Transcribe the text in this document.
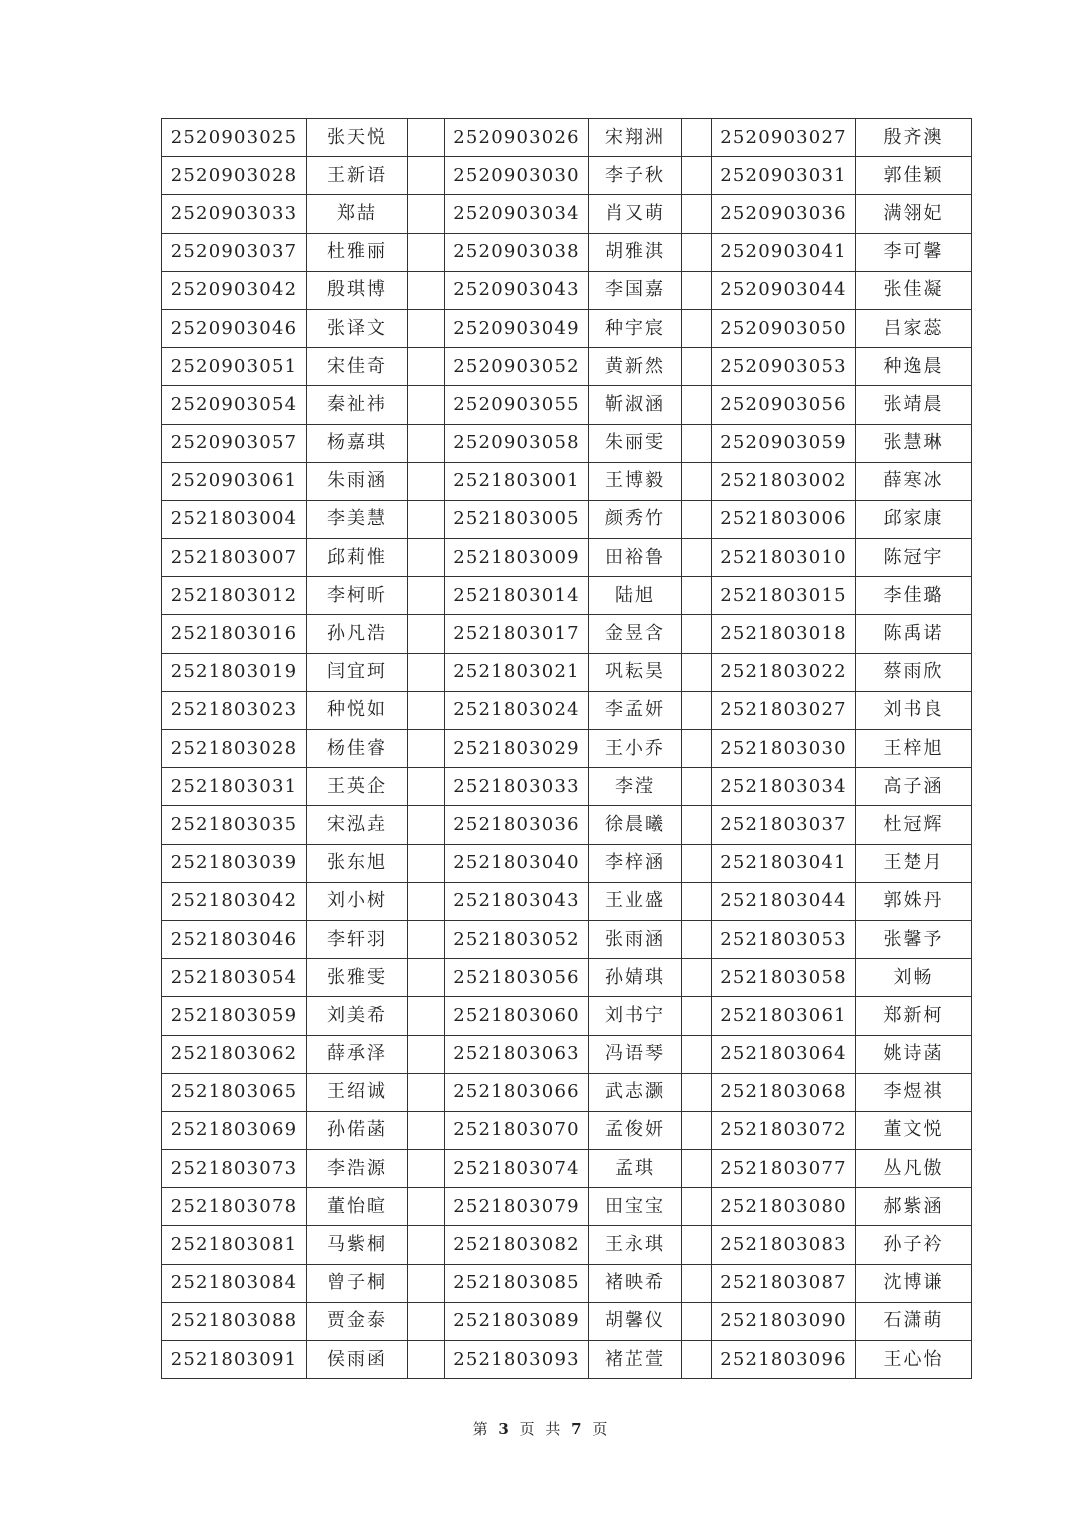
2520903025	张天悦		2520903026	宋翔洲		2520903027	殷齐澳
2520903028	王新语		2520903030	李子秋		2520903031	郭佳颖
2520903033	郑喆		2520903034	肖又萌		2520903036	满翎妃
2520903037	杜雅丽		2520903038	胡雅淇		2520903041	李可馨
2520903042	殷琪博		2520903043	李国嘉		2520903044	张佳凝
2520903046	张译文		2520903049	种宇宸		2520903050	吕家蕊
2520903051	宋佳奇		2520903052	黄新然		2520903053	种逸晨
2520903054	秦祉祎		2520903055	靳淑涵		2520903056	张靖晨
2520903057	杨嘉琪		2520903058	朱丽雯		2520903059	张慧琳
2520903061	朱雨涵		2521803001	王博毅		2521803002	薛寒冰
2521803004	李美慧		2521803005	颜秀竹		2521803006	邱家康
2521803007	邱莉惟		2521803009	田裕鲁		2521803010	陈冠宇
2521803012	李柯昕		2521803014	陆旭		2521803015	李佳璐
2521803016	孙凡浩		2521803017	金昱含		2521803018	陈禹诺
2521803019	闫宜珂		2521803021	巩耘昊		2521803022	蔡雨欣
2521803023	种悦如		2521803024	李孟妍		2521803027	刘书良
2521803028	杨佳睿		2521803029	王小乔		2521803030	王梓旭
2521803031	王英企		2521803033	李滢		2521803034	高子涵
2521803035	宋泓垚		2521803036	徐晨曦		2521803037	杜冠辉
2521803039	张东旭		2521803040	李梓涵		2521803041	王楚月
2521803042	刘小树		2521803043	王业盛		2521803044	郭姝丹
2521803046	李轩羽		2521803052	张雨涵		2521803053	张馨予
2521803054	张雅雯		2521803056	孙婧琪		2521803058	刘畅
2521803059	刘美希		2521803060	刘书宁		2521803061	郑新柯
2521803062	薛承泽		2521803063	冯语琴		2521803064	姚诗菡
2521803065	王绍诚		2521803066	武志灏		2521803068	李煜祺
2521803069	孙偌菡		2521803070	孟俊妍		2521803072	董文悦
2521803073	李浩源		2521803074	孟琪		2521803077	丛凡傲
2521803078	董怡暄		2521803079	田宝宝		2521803080	郝紫涵
2521803081	马紫桐		2521803082	王永琪		2521803083	孙子衿
2521803084	曾子桐		2521803085	褚映希		2521803087	沈博谦
2521803088	贾金泰		2521803089	胡馨仪		2521803090	石潇萌
2521803091	侯雨函		2521803093	褚芷萱		2521803096	王心怡
第 3 页 共 7 页
